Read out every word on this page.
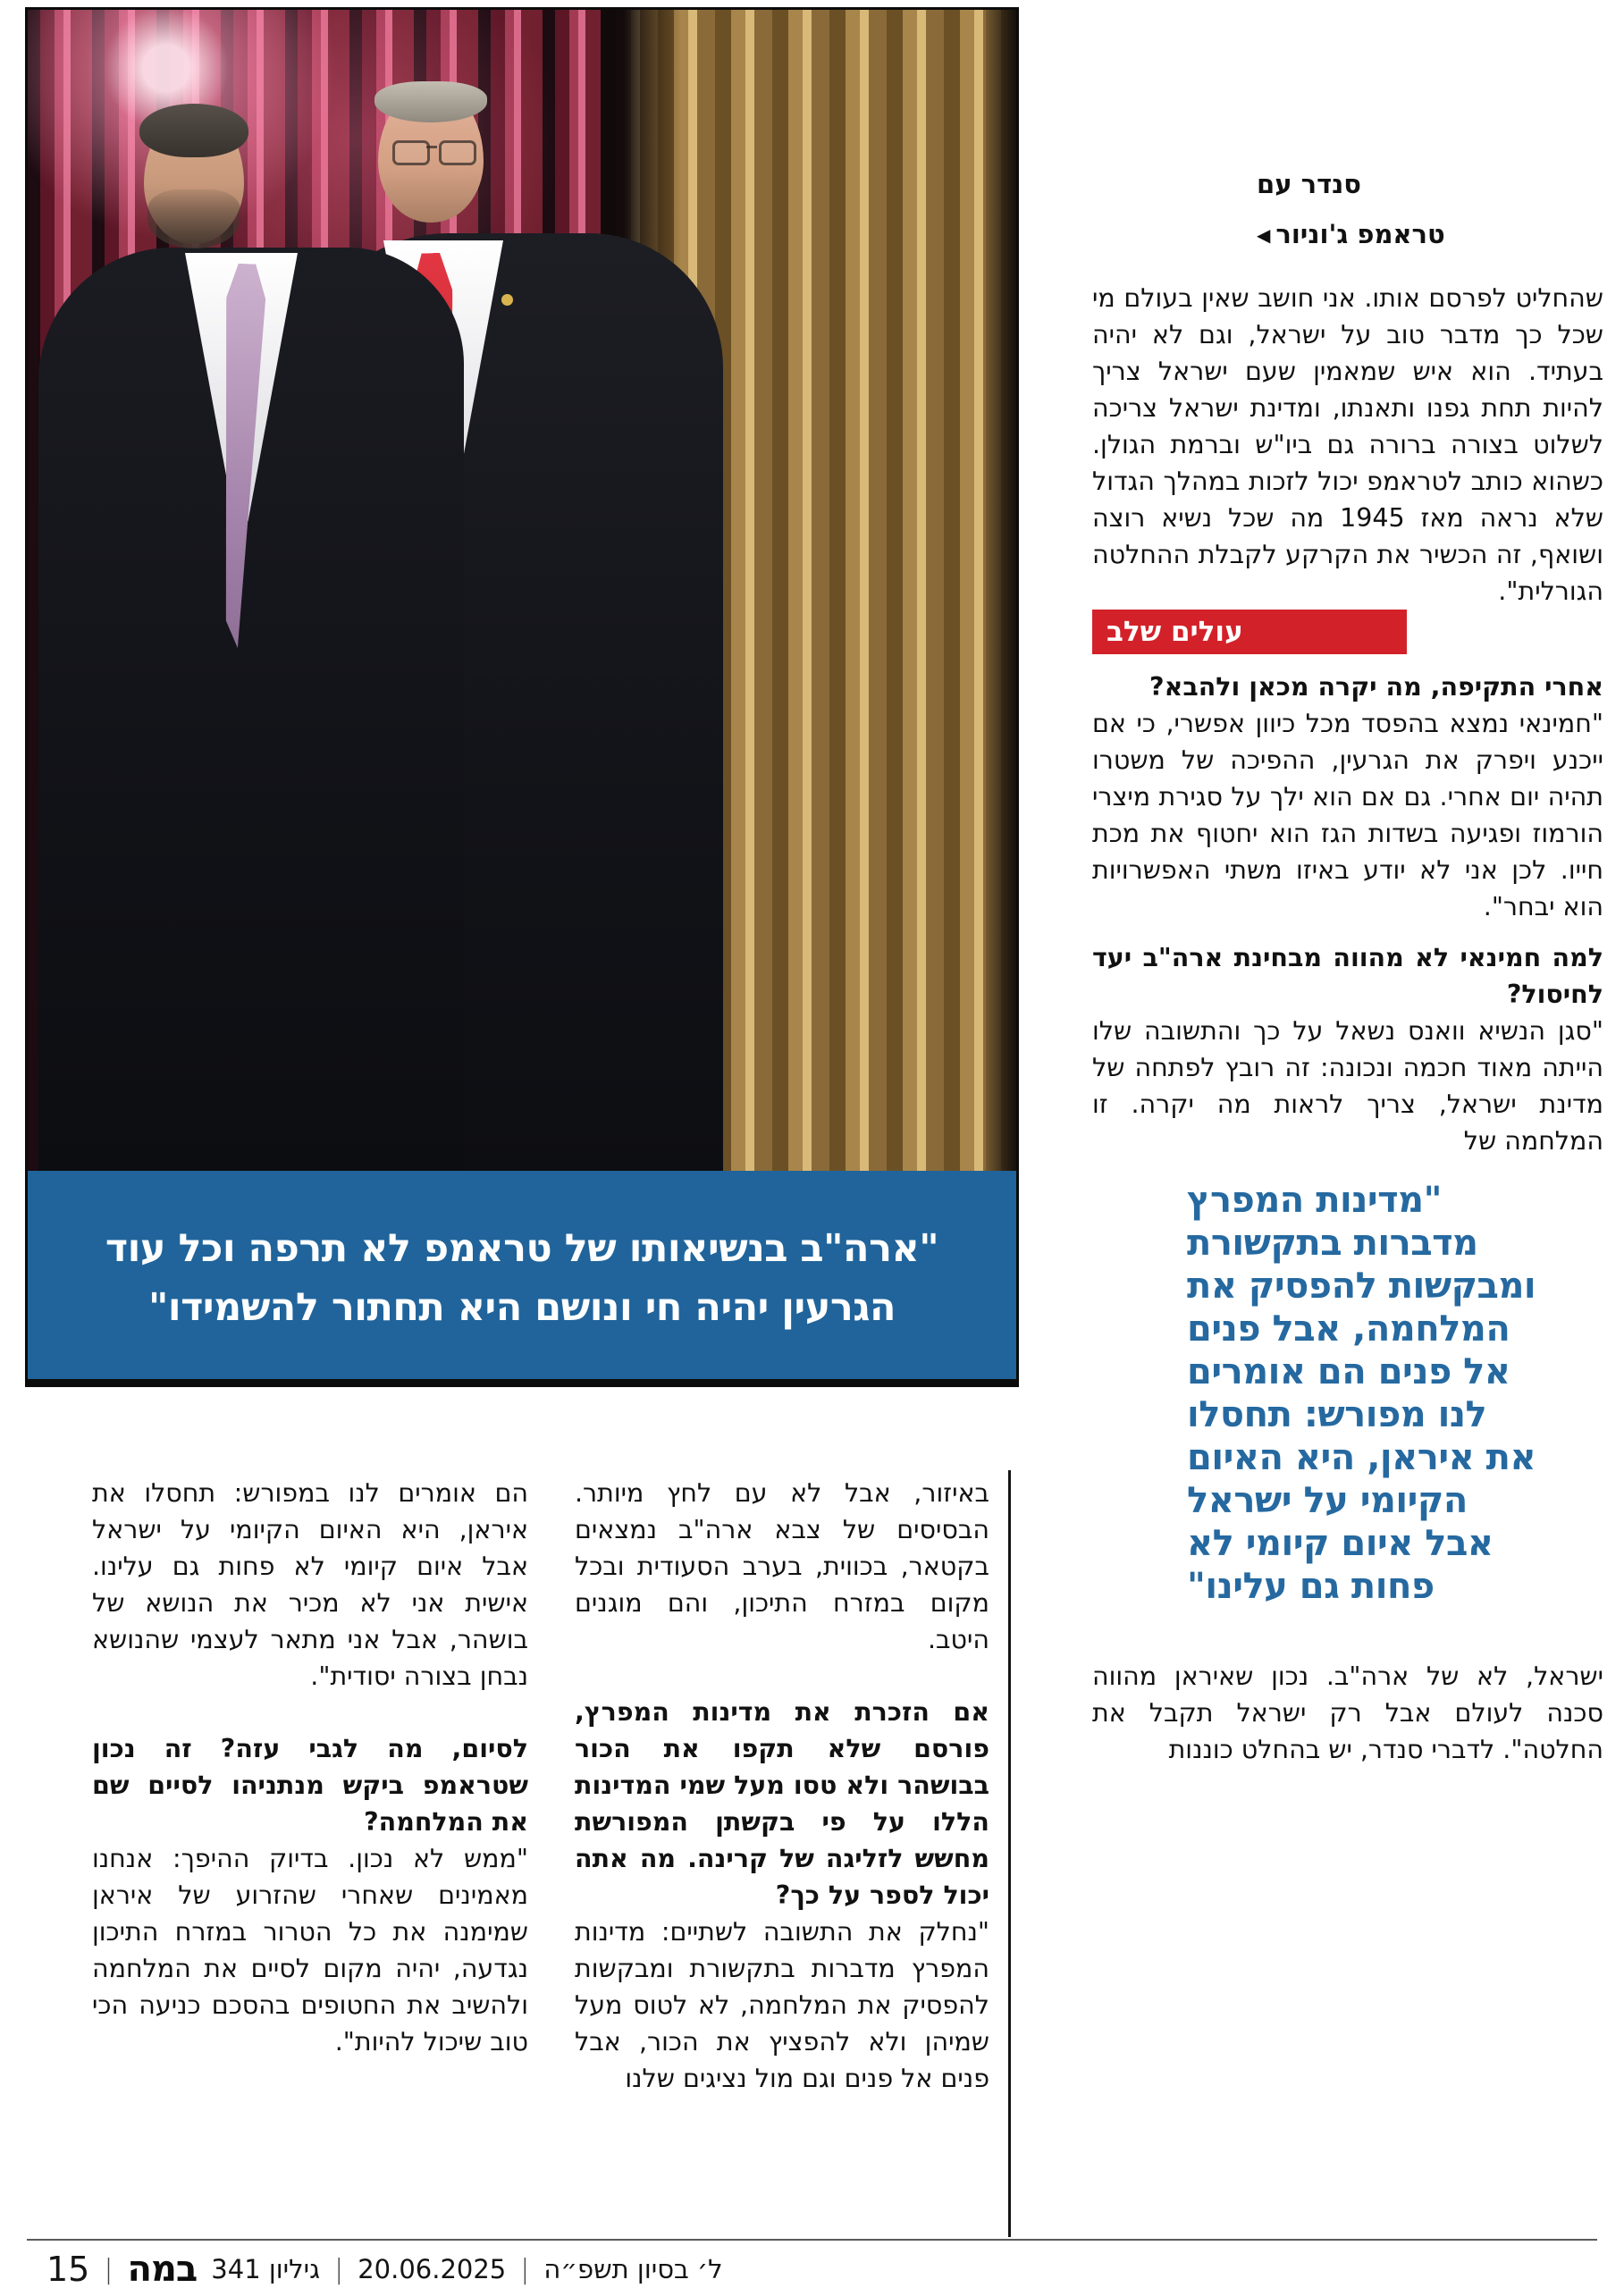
"ארה"ב בנשיאותו של טראמפ לא תרפה וכל עוד
הגרעין יהיה חי ונושם היא תחתור להשמידו"
סנדר עם
טראמפ ג'וניור◀

שהחליט לפרסם אותו. אני חושב שאין בעולם מי שכל כך מדבר טוב על ישראל, וגם לא יהיה בעתיד. הוא איש שמאמין שעם ישראל צריך להיות תחת גפנו ותאנתו, ומדינת ישראל צריכה לשלוט בצורה ברורה גם ביו"ש וברמת הגולן. כשהוא כותב לטראמפ יכול לזכות במהלך הגדול שלא נראה מאז 1945 מה שכל נשיא רוצה ושואף, זה הכשיר את הקרקע לקבלת ההחלטה הגורלית".

עולים שלב

אחרי התקיפה, מה יקרה מכאן ולהבא?

"חמינאי נמצא בהפסד מכל כיוון אפשרי, כי אם ייכנע ויפרק את הגרעין, ההפיכה של משטרו תהיה יום אחרי. גם אם הוא ילך על סגירת מיצרי הורמוז ופגיעה בשדות הגז הוא יחטוף את מכת חייו. לכן אני לא יודע באיזו משתי האפשרויות הוא יבחר".

למה חמינאי לא מהווה מבחינת ארה"ב יעד לחיסול?

"סגן הנשיא וואנס נשאל על כך והתשובה שלו הייתה מאוד חכמה ונכונה: זה רובץ לפתחה של מדינת ישראל, צריך לראות מה יקרה. זו המלחמה של

"מדינות המפרץ
מדברות בתקשורת
ומבקשות להפסיק את
המלחמה, אבל פנים
אל פנים הם אומרים
לנו מפורש: תחסלו
את איראן, היא האיום
הקיומי על ישראל
אבל איום קיומי לא
פחות גם עלינו"

ישראל, לא של ארה"ב. נכון שאיראן מהווה סכנה לעולם אבל רק ישראל תקבל את החלטה". לדברי סנדר, יש בהחלט כוננות

באיזור, אבל לא עם לחץ מיותר. הבסיסים של צבא ארה"ב נמצאים בקטאר, בכווית, בערב הסעודית ובכל מקום במזרח התיכון, והם מוגנים היטב.

אם הזכרת את מדינות המפרץ, פורסם שלא תקפו את הכור בבושהר ולא טסו מעל שמי המדינות הללו על פי בקשתן המפורשת מחשש לזליגה של קרינה. מה אתה יכול לספר על כך?

"נחלק את התשובה לשתיים: מדינות המפרץ מדברות בתקשורת ומבקשות להפסיק את המלחמה, לא לטוס מעל שמיהן ולא להפציץ את הכור, אבל פנים אל פנים וגם מול נציגים שלנו

הם אומרים לנו במפורש: תחסלו את איראן, היא האיום הקיומי על ישראל אבל איום קיומי לא פחות גם עלינו. אישית אני לא מכיר את הנושא של בושהר, אבל אני מתאר לעצמי שהנושא נבחן בצורה יסודית".

לסיום, מה לגבי עזה? זה נכון שטראמפ ביקש מנתניהו לסיים שם את המלחמה?

"ממש לא נכון. בדיוק ההיפך: אנחנו מאמינים שאחרי שהזרוע של איראן שמימנה את כל הטרור במזרח התיכון נגדעה, יהיה מקום לסיים את המלחמה ולהשיב את החטופים בהסכם כניעה הכי טוב שיכול להיות".

15 | במה גיליון 341 | 20.06.2025 | ל׳ בסיון תשפ״ה
